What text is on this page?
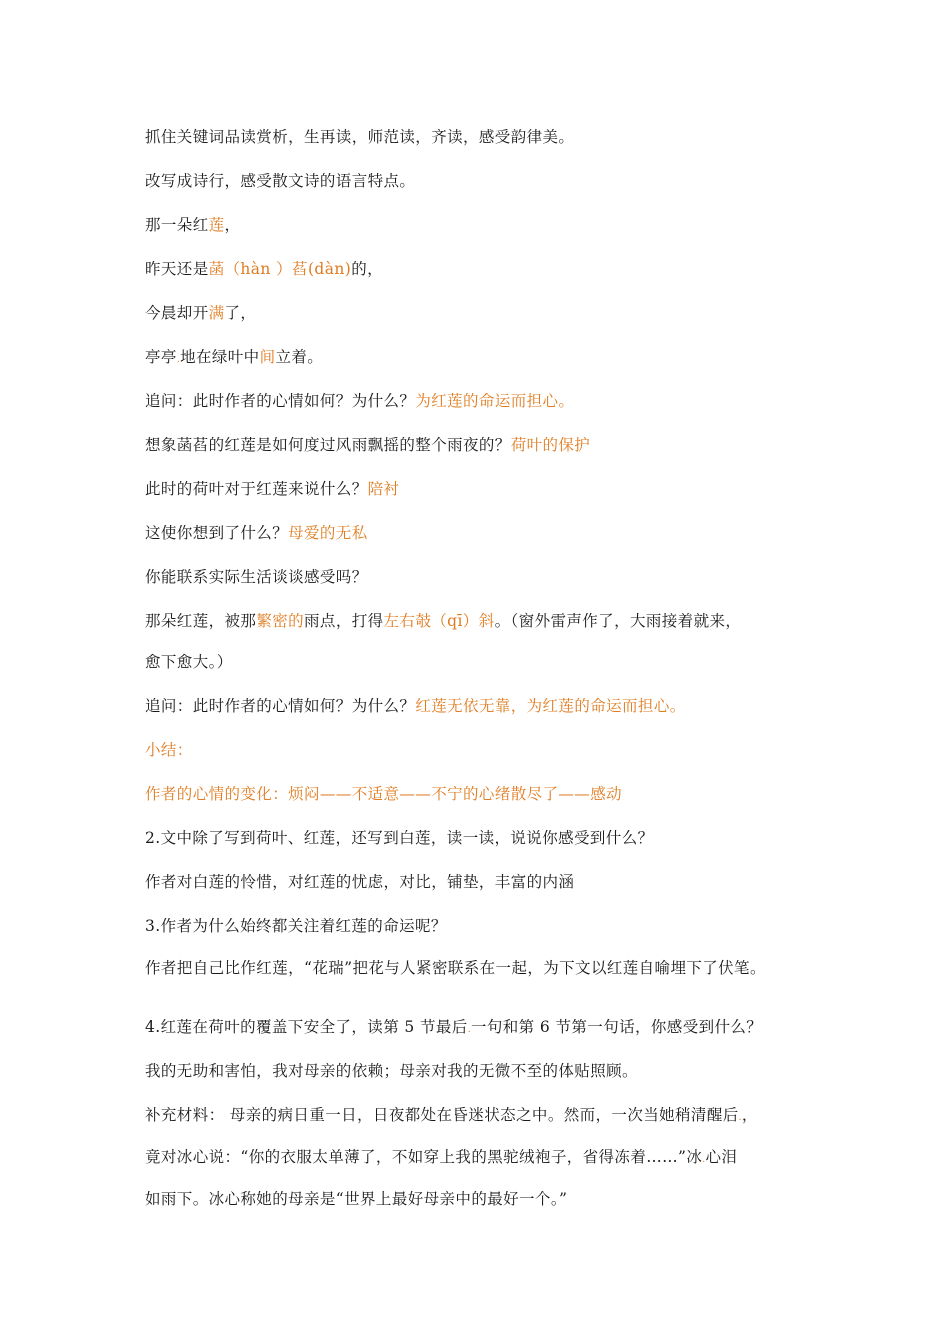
抓住关键词品读赏析，生再读，师范读，齐读，感受韵律美。
改写成诗行，感受散文诗的语言特点。
那一朵红莲，
昨天还是菡（hàn ）萏(dàn)的，
今晨却开满了，
亭亭.地在绿叶中间立着。
追问：此时作者的心情如何？为什么？为红莲的命运而担心。
想象菡萏的红莲是如何度过风雨飘摇的整个雨夜的？荷叶的保护
此时的荷叶对于红莲来说什么？陪衬
这使你想到了什么？母爱的无私
你能联系实际生活谈谈感受吗？
那朵红莲，被那繁密的雨点，打得左右攲（qī）斜。（窗外雷声作了，大雨接着就来，
愈下愈大。）
追问：此时作者的心情如何？为什么？红莲无依无靠，为红莲的命运而担心。
小结：
作者的心情的变化：烦闷——不适意——不宁的心绪散尽了——感动
2.文中除了写到荷叶、红莲，还写到白莲，读一读，说说你感受到什么？
作者对白莲的怜惜，对红莲的忧虑，对比，铺垫，丰富的内涵
3.作者为什么始终都关注着红莲的命运呢？
作者把自己比作红莲，“花瑞”把花与人紧密联系在一起，为下文以红莲自喻埋下了伏笔。
4.红莲在荷叶的覆盖下安全了，读第 5 节最后.一句和第 6 节第一句话，你感受到什么？
我的无助和害怕，我对母亲的依赖；母亲对我的无微不至的体贴照顾。
补充材料： 母亲的病日重一日，日夜都处在昏迷状态之中。然而，一次当她稍清醒后.，
竟对冰心说：“你的衣服太单薄了，不如穿上我的黑驼绒袍子，省得冻着……”冰.心泪
如雨下。冰心称她的母亲是“世界上最好母亲中的最好一个。”
